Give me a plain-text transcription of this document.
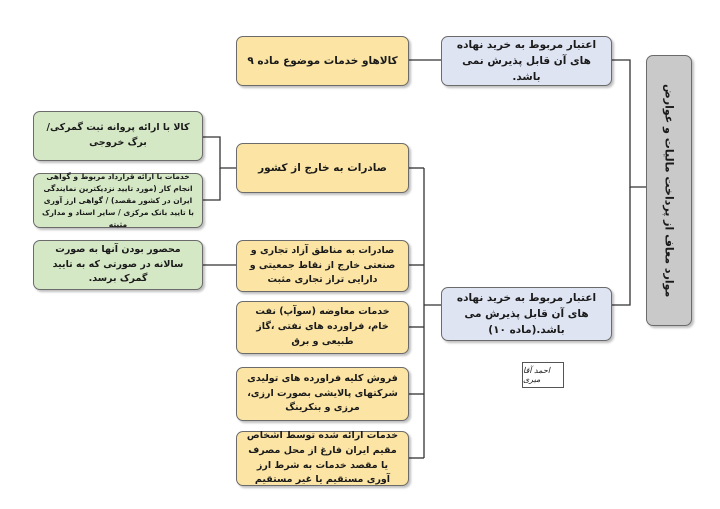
موارد معاف از پرداخت مالیات و عوارض
اعتبار مربوط به خرید نهاده های آن قابل پذیرش نمی باشد.
اعتبار مربوط به خرید نهاده های آن قابل پذیرش می باشد.(ماده ۱۰)
کالاهاو خدمات موضوع ماده ۹
صادرات به خارج از کشور
صادرات به مناطق آزاد تجاری و صنعتی خارج از نقاط جمعیتی و دارایی تراز تجاری مثبت
خدمات معاوضه (سوآپ) نفت خام، فراورده های نفتی ،گاز طبیعی و برق
فروش کلیه فراورده های تولیدی شرکتهای پالایشی بصورت ارزی، مرزی و بنکرینگ
خدمات ارائه شده توسط اشخاص مقیم ایران فارغ از محل مصرف یا مقصد خدمات به شرط ارز آوری مستقیم یا غیر مستقیم
کالا با ارائه پروانه ثبت گمرکی/برگ خروجی
خدمات با ارائه قرارداد مربوط و گواهی انجام کار (مورد تایید نزدیکترین نمایندگی ایران در کشور مقصد) / گواهی ارز آوری با تایید بانک مرکزی / سایر اسناد و مدارک مثبته
محصور بودن آنها به صورت سالانه در صورتی که به تایید گمرک برسد.
احمد آقا میری
